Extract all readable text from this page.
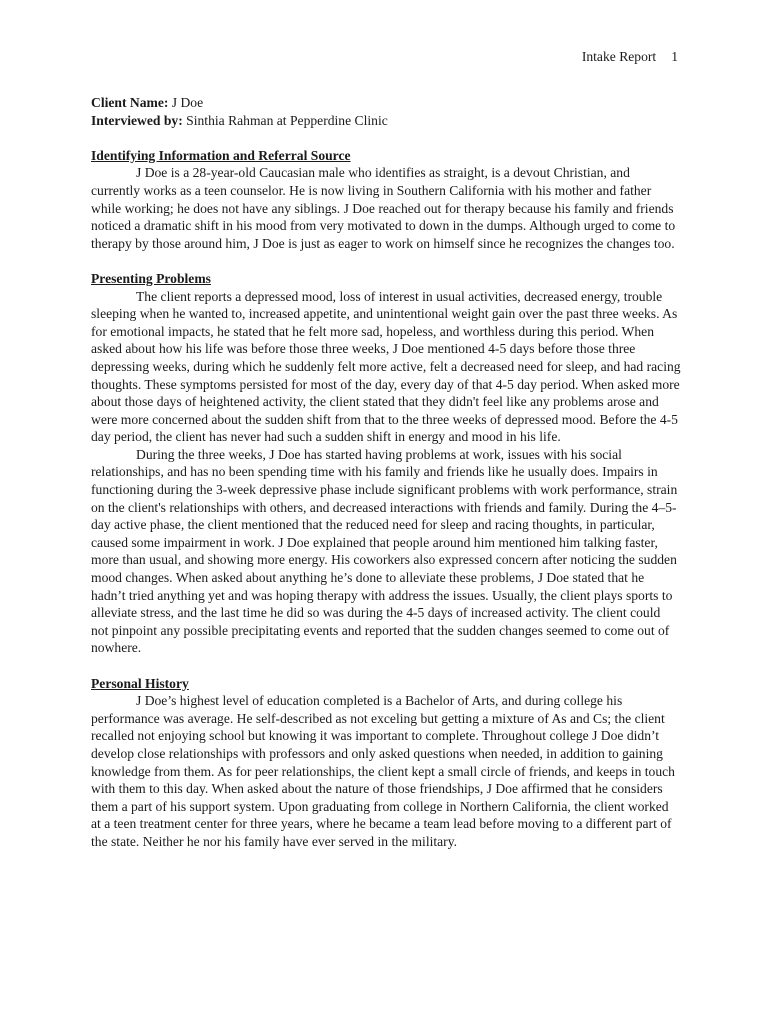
Intake Report 1

Client Name: J Doe

Interviewed by: Sinthia Rahman at Pepperdine Clinic

Identifying Information and Referral Source

J Doe is a 28-year-old Caucasian male who identifies as straight, is a devout Christian, and currently works as a teen counselor. He is now living in Southern California with his mother and father while working; he does not have any siblings. J Doe reached out for therapy because his family and friends noticed a dramatic shift in his mood from very motivated to down in the dumps. Although urged to come to therapy by those around him, J Doe is just as eager to work on himself since he recognizes the changes too.

Presenting Problems

The client reports a depressed mood, loss of interest in usual activities, decreased energy, trouble sleeping when he wanted to, increased appetite, and unintentional weight gain over the past three weeks. As for emotional impacts, he stated that he felt more sad, hopeless, and worthless during this period. When asked about how his life was before those three weeks, J Doe mentioned 4-5 days before those three depressing weeks, during which he suddenly felt more active, felt a decreased need for sleep, and had racing thoughts. These symptoms persisted for most of the day, every day of that 4-5 day period. When asked more about those days of heightened activity, the client stated that they didn't feel like any problems arose and were more concerned about the sudden shift from that to the three weeks of depressed mood. Before the 4-5 day period, the client has never had such a sudden shift in energy and mood in his life.

During the three weeks, J Doe has started having problems at work, issues with his social relationships, and has no been spending time with his family and friends like he usually does. Impairs in functioning during the 3-week depressive phase include significant problems with work performance, strain on the client's relationships with others, and decreased interactions with friends and family. During the 4–5-day active phase, the client mentioned that the reduced need for sleep and racing thoughts, in particular, caused some impairment in work. J Doe explained that people around him mentioned him talking faster, more than usual, and showing more energy. His coworkers also expressed concern after noticing the sudden mood changes. When asked about anything he’s done to alleviate these problems, J Doe stated that he hadn’t tried anything yet and was hoping therapy with address the issues. Usually, the client plays sports to alleviate stress, and the last time he did so was during the 4-5 days of increased activity. The client could not pinpoint any possible precipitating events and reported that the sudden changes seemed to come out of nowhere.

Personal History

J Doe’s highest level of education completed is a Bachelor of Arts, and during college his performance was average. He self-described as not exceling but getting a mixture of As and Cs; the client recalled not enjoying school but knowing it was important to complete. Throughout college J Doe didn’t develop close relationships with professors and only asked questions when needed, in addition to gaining knowledge from them. As for peer relationships, the client kept a small circle of friends, and keeps in touch with them to this day. When asked about the nature of those friendships, J Doe affirmed that he considers them a part of his support system. Upon graduating from college in Northern California, the client worked at a teen treatment center for three years, where he became a team lead before moving to a different part of the state. Neither he nor his family have ever served in the military.
